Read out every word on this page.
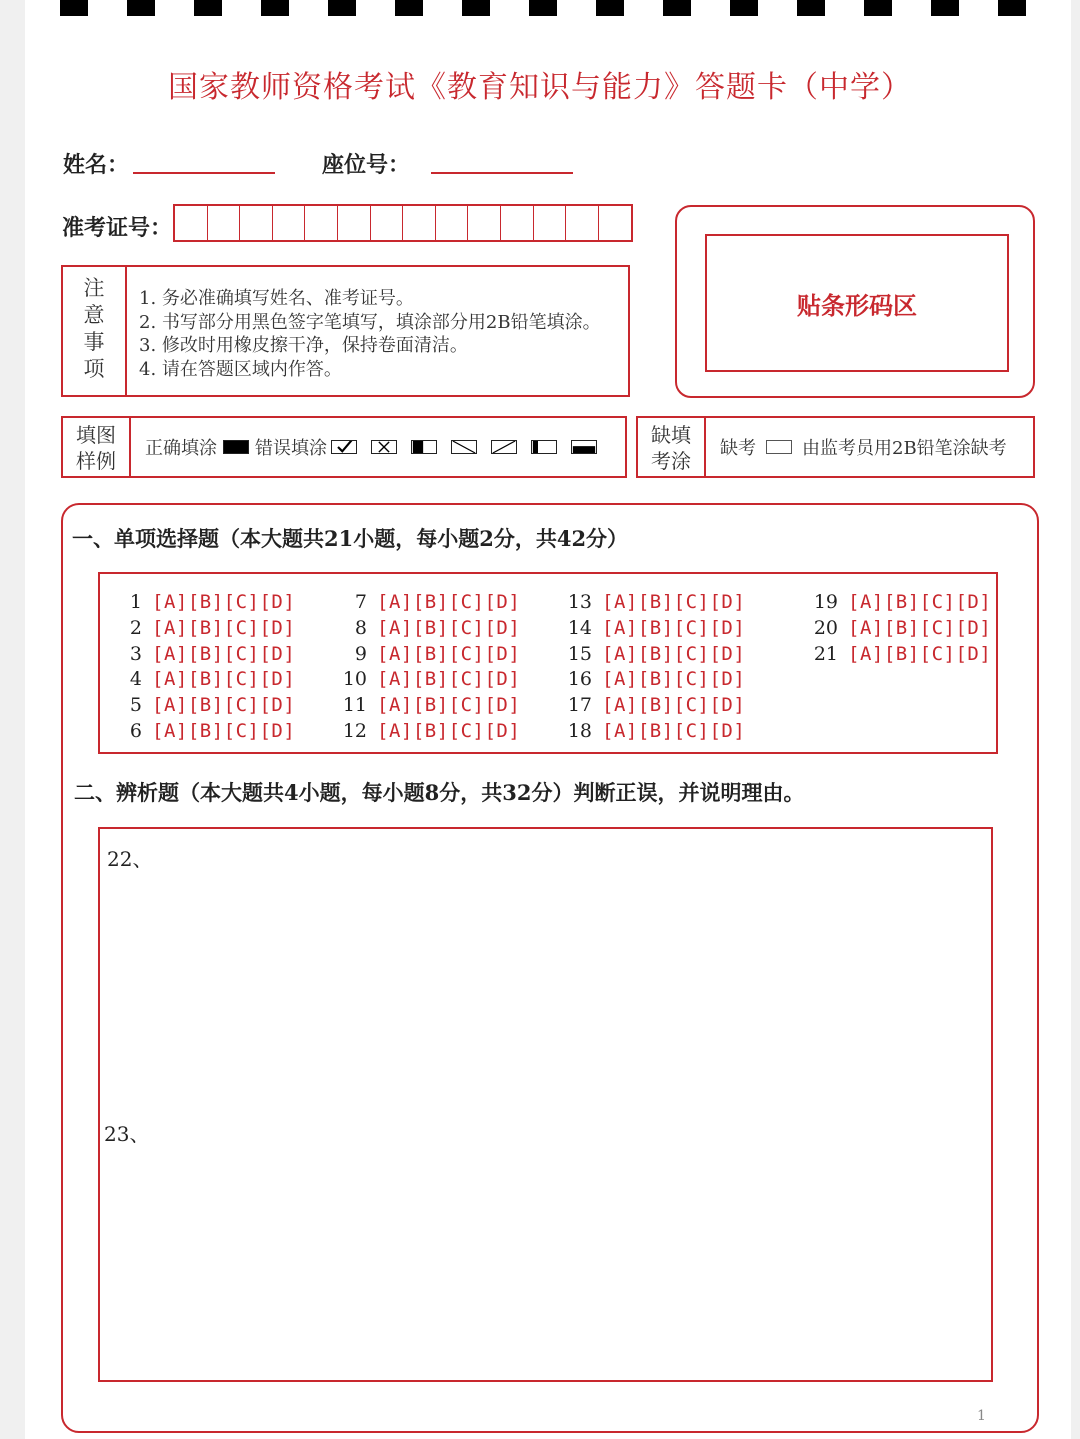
国家教师资格考试《教育知识与能力》答题卡（中学）
姓名：	座位号：
准考证号：
注
意
事
项
1. 务必准确填写姓名、准考证号。
2. 书写部分用黑色签字笔填写，填涂部分用2B铅笔填涂。
3. 修改时用橡皮擦干净，保持卷面清洁。
4. 请在答题区域内作答。
贴条形码区
填图
样例
正确填涂 错误填涂
缺填
考涂
缺考	由监考员用2B铅笔涂缺考
一、单项选择题（本大题共21小题，每小题2分，共42分）
1 [A][B][C][D]
2 [A][B][C][D]
3 [A][B][C][D]
4 [A][B][C][D]
5 [A][B][C][D]
6 [A][B][C][D]
7 [A][B][C][D]
8 [A][B][C][D]
9 [A][B][C][D]
10 [A][B][C][D]
11 [A][B][C][D]
12 [A][B][C][D]
13 [A][B][C][D]
14 [A][B][C][D]
15 [A][B][C][D]
16 [A][B][C][D]
17 [A][B][C][D]
18 [A][B][C][D]
19 [A][B][C][D]
20 [A][B][C][D]
21 [A][B][C][D]
二、辨析题（本大题共4小题，每小题8分，共32分）判断正误，并说明理由。
22、
23、
1
